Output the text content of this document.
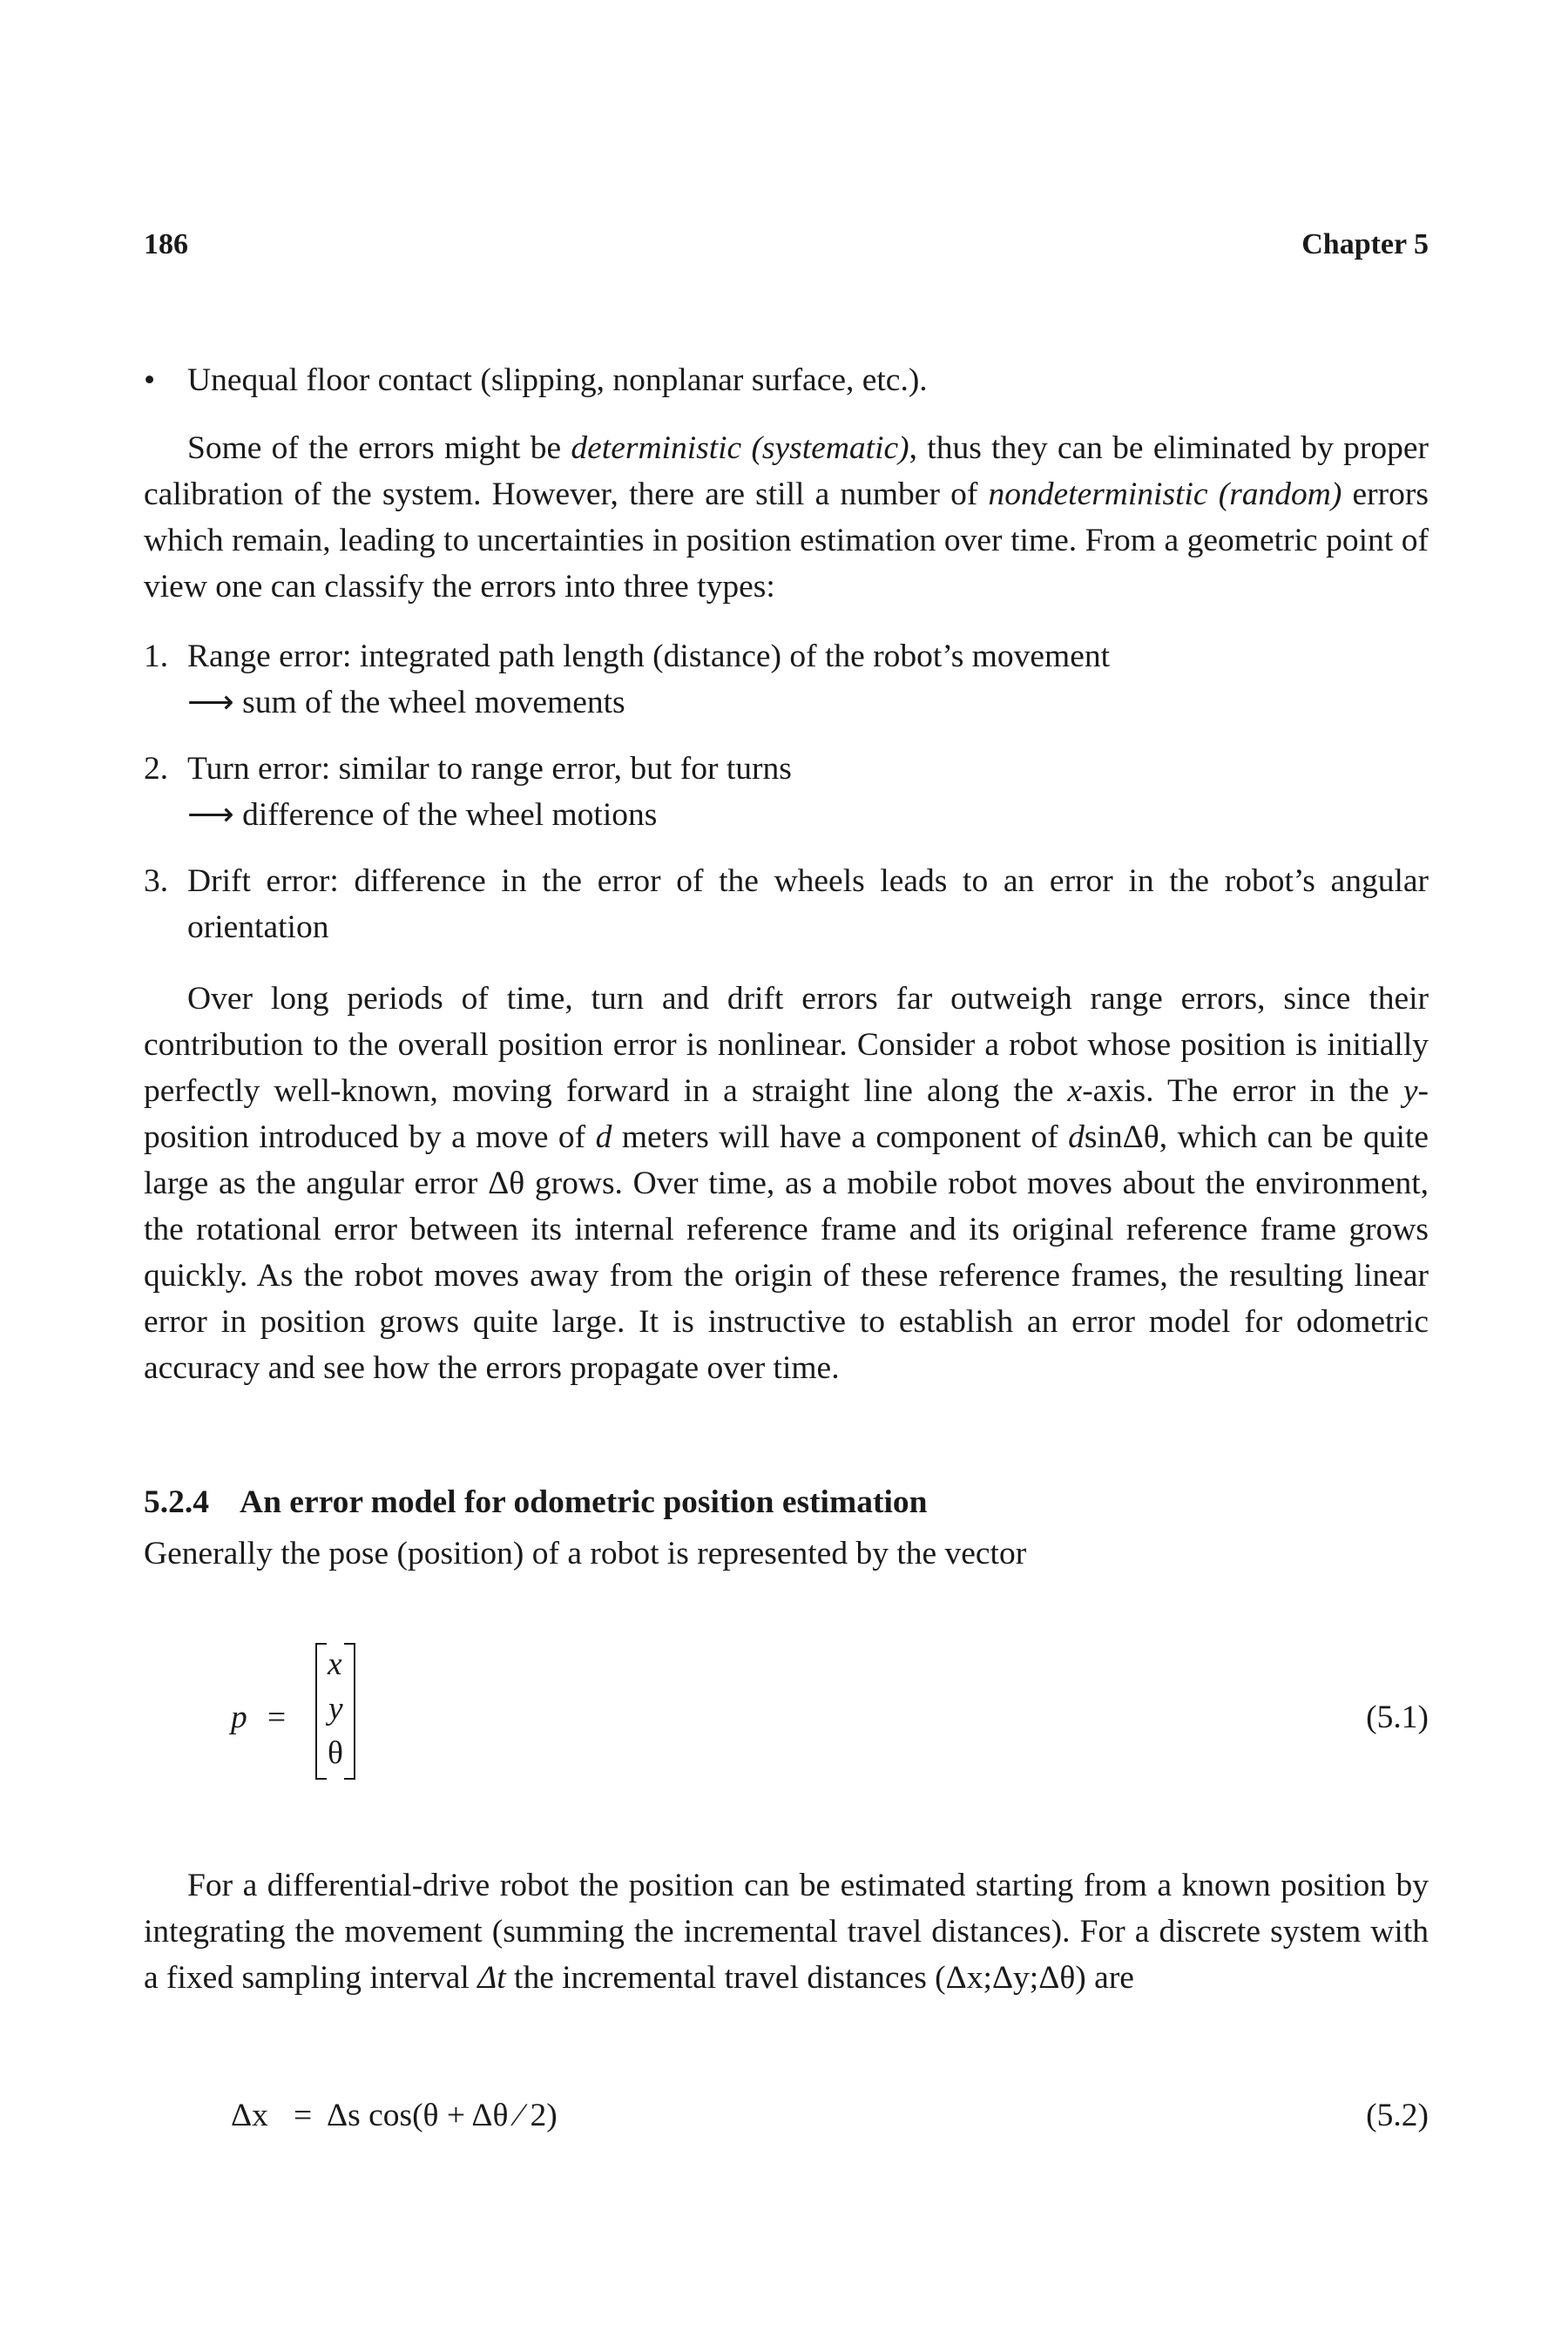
186	Chapter 5
• Unequal floor contact (slipping, nonplanar surface, etc.).

Some of the errors might be deterministic (systematic), thus they can be eliminated by proper calibration of the system. However, there are still a number of nondeterministic (random) errors which remain, leading to uncertainties in position estimation over time. From a geometric point of view one can classify the errors into three types:

1. Range error: integrated path length (distance) of the robot’s movement
⟶ sum of the wheel movements
2. Turn error: similar to range error, but for turns
⟶ difference of the wheel motions
3. Drift error: difference in the error of the wheels leads to an error in the robot’s angular orientation

Over long periods of time, turn and drift errors far outweigh range errors, since their contribution to the overall position error is nonlinear. Consider a robot whose position is initially perfectly well-known, moving forward in a straight line along the x-axis. The error in the y-position introduced by a move of d meters will have a component of dsinΔθ, which can be quite large as the angular error Δθ grows. Over time, as a mobile robot moves about the environment, the rotational error between its internal reference frame and its original reference frame grows quickly. As the robot moves away from the origin of these reference frames, the resulting linear error in position grows quite large. It is instructive to establish an error model for odometric accuracy and see how the errors propagate over time.

5.2.4 An error model for odometric position estimation

Generally the pose (position) of a robot is represented by the vector

p =	(5.1)
x
y
θ

For a differential-drive robot the position can be estimated starting from a known position by integrating the movement (summing the incremental travel distances). For a discrete system with a fixed sampling interval Δt the incremental travel distances (Δx;Δy;Δθ) are

Δx = Δs cos(θ + Δθ ⁄ 2)	(5.2)
